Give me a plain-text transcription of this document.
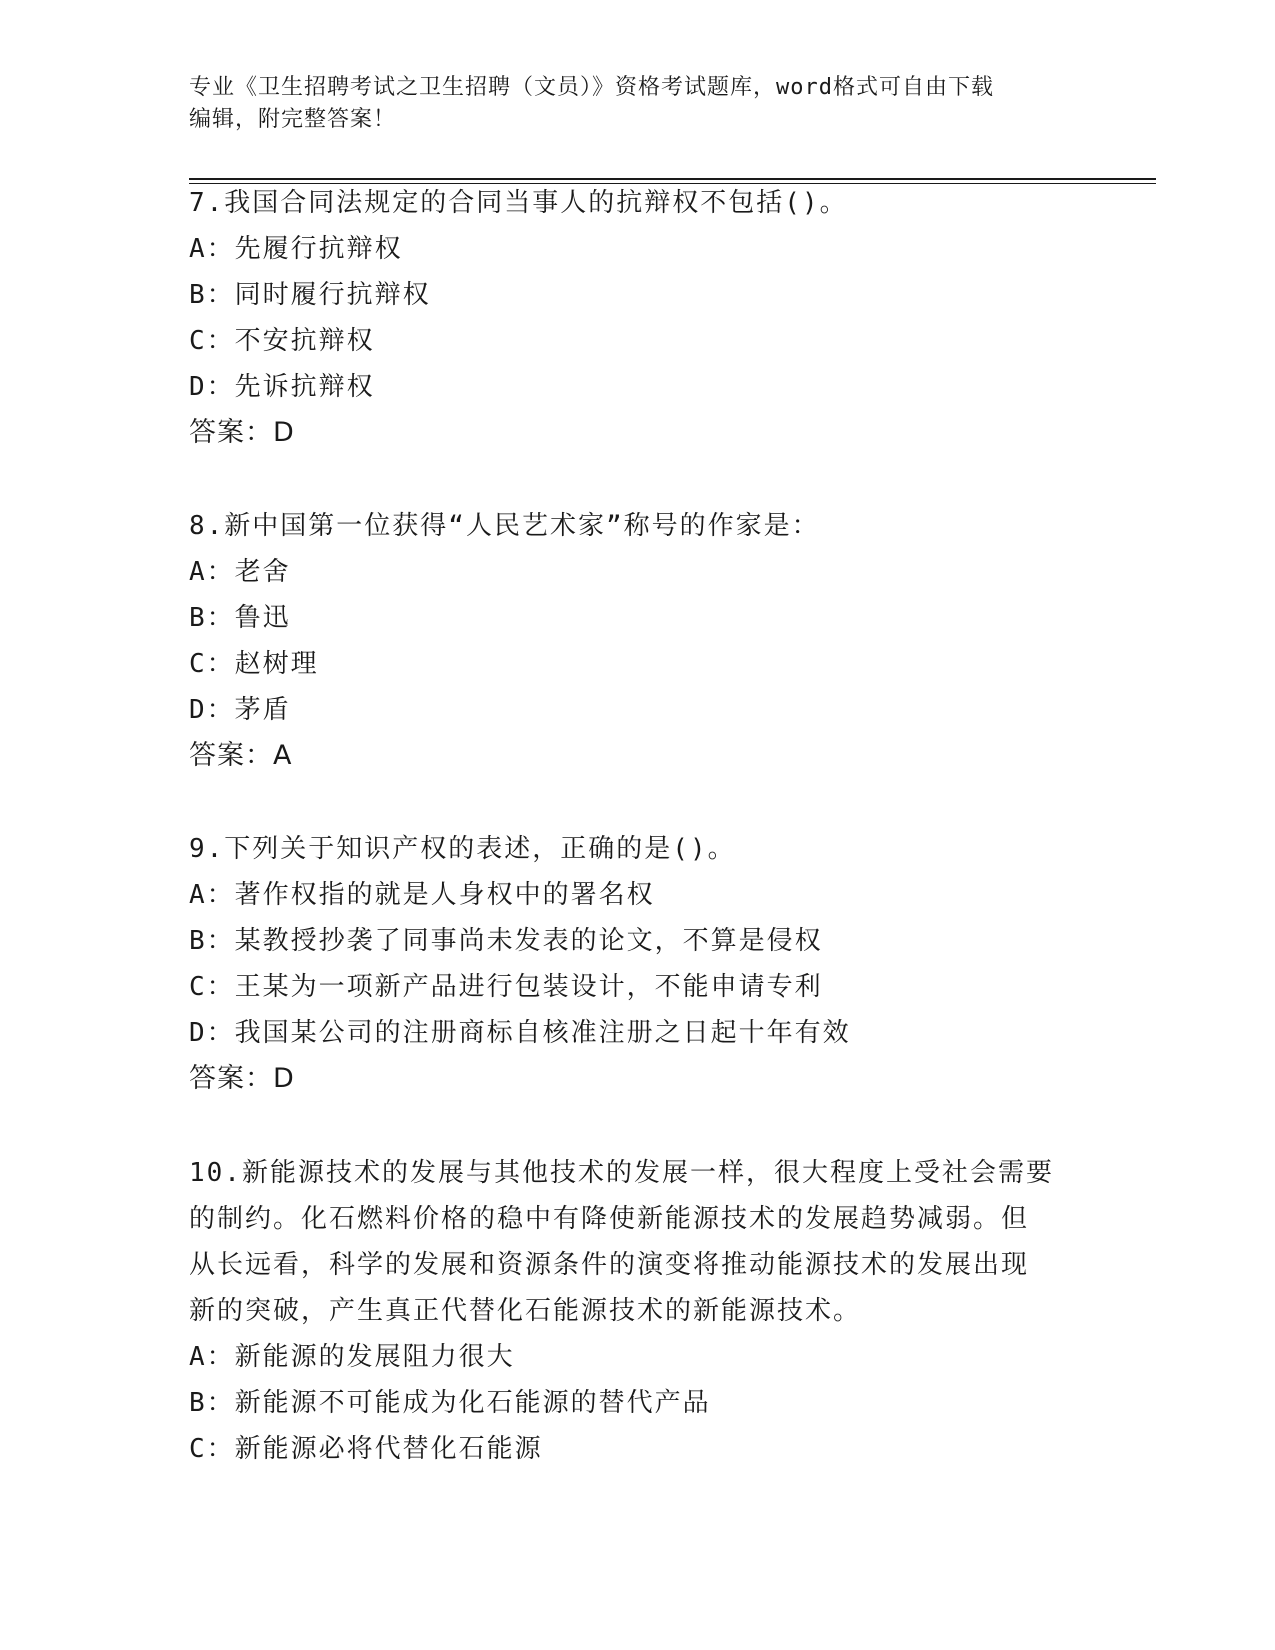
专业《卫生招聘考试之卫生招聘（文员）》资格考试题库，word格式可自由下载
编辑，附完整答案！
7.我国合同法规定的合同当事人的抗辩权不包括()。
A：先履行抗辩权
B：同时履行抗辩权
C：不安抗辩权
D：先诉抗辩权
答案：D
8.新中国第一位获得“人民艺术家”称号的作家是：
A：老舍
B：鲁迅
C：赵树理
D：茅盾
答案：A
9.下列关于知识产权的表述，正确的是()。
A：著作权指的就是人身权中的署名权
B：某教授抄袭了同事尚未发表的论文，不算是侵权
C：王某为一项新产品进行包装设计，不能申请专利
D：我国某公司的注册商标自核准注册之日起十年有效
答案：D
10.新能源技术的发展与其他技术的发展一样，很大程度上受社会需要
的制约。化石燃料价格的稳中有降使新能源技术的发展趋势减弱。但
从长远看，科学的发展和资源条件的演变将推动能源技术的发展出现
新的突破，产生真正代替化石能源技术的新能源技术。
A：新能源的发展阻力很大
B：新能源不可能成为化石能源的替代产品
C：新能源必将代替化石能源
